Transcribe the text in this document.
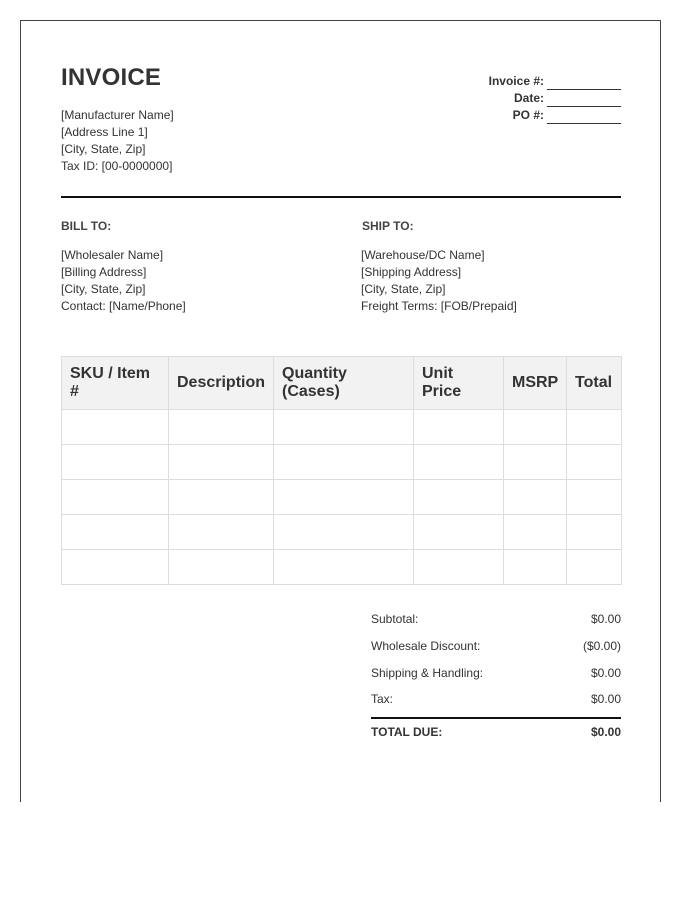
INVOICE
[Manufacturer Name]
[Address Line 1]
[City, State, Zip]
Tax ID: [00-0000000]
Invoice #:
Date:
PO #:
BILL TO:
[Wholesaler Name]
[Billing Address]
[City, State, Zip]
Contact: [Name/Phone]
SHIP TO:
[Warehouse/DC Name]
[Shipping Address]
[City, State, Zip]
Freight Terms: [FOB/Prepaid]
SKU / Item #	Description	Quantity (Cases)	Unit Price	MSRP	Total

Subtotal:	$0.00
Wholesale Discount:	($0.00)
Shipping & Handling:	$0.00
Tax:	$0.00
TOTAL DUE:	$0.00
